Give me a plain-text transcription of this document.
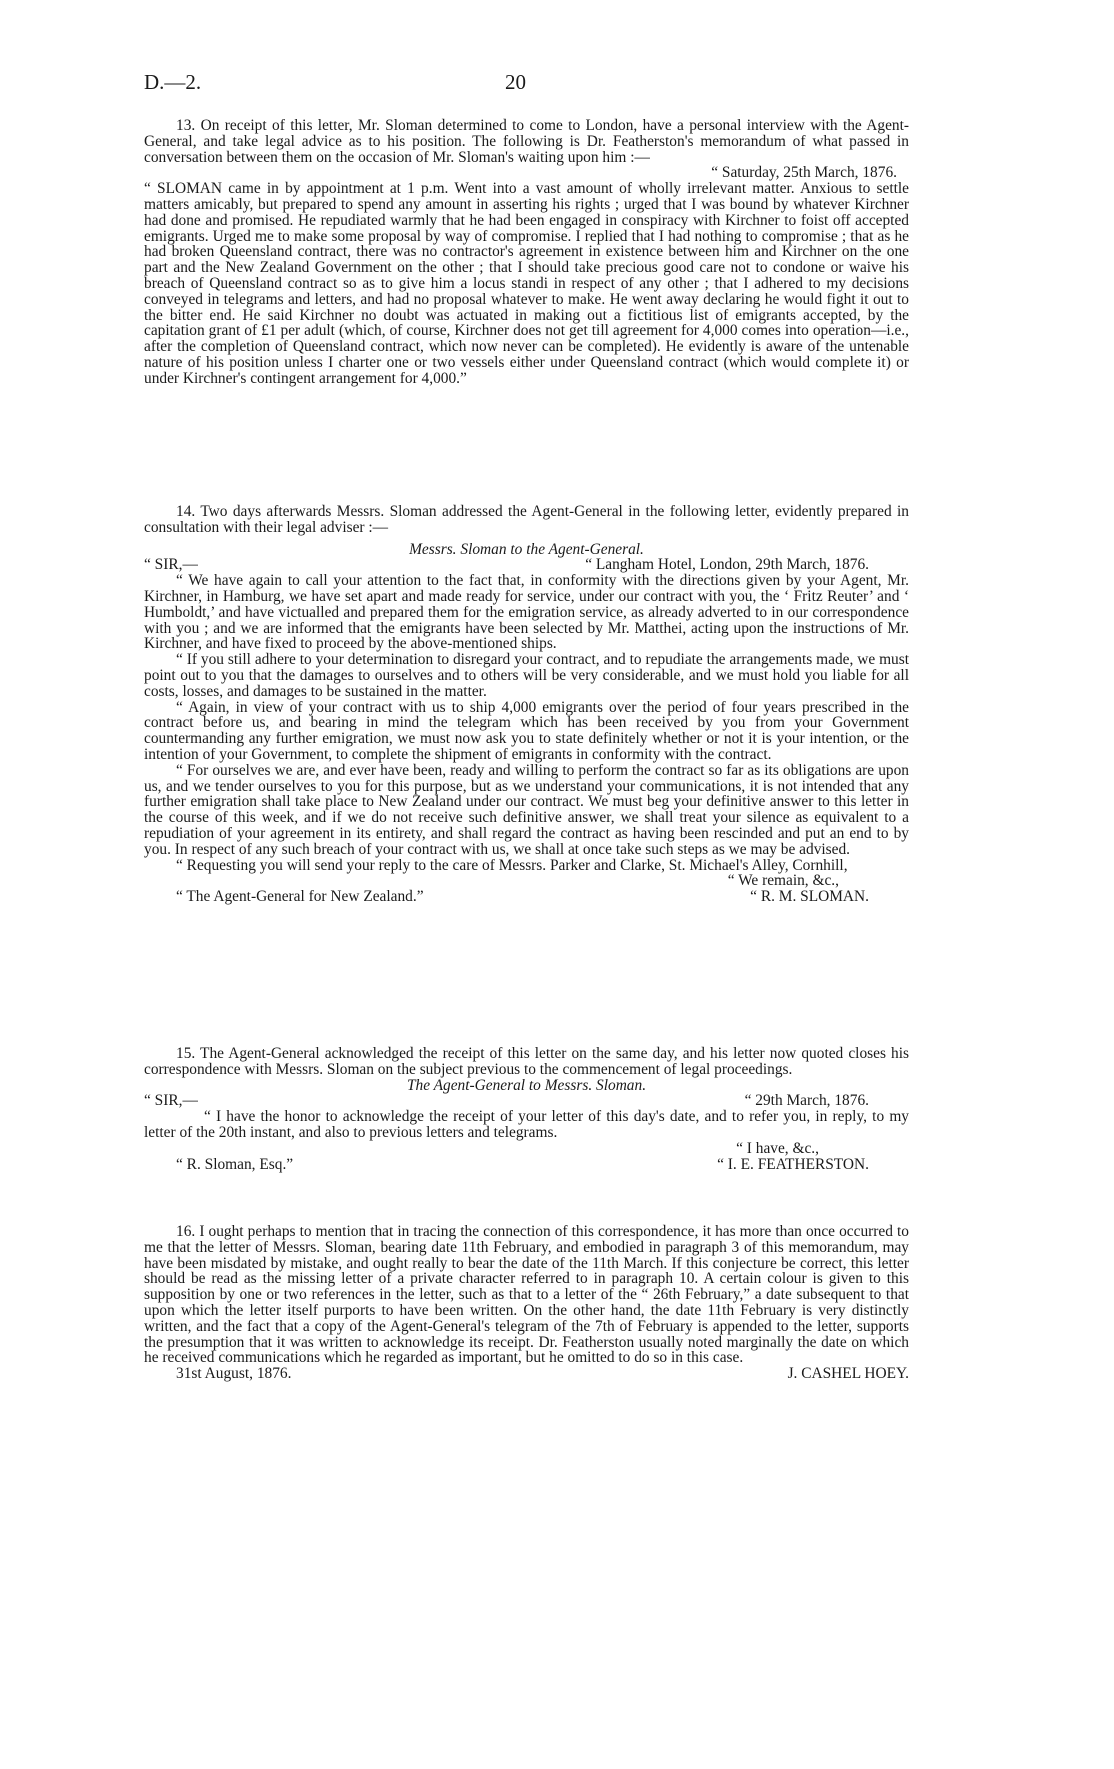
D.—2.	20

13. On receipt of this letter, Mr. Sloman determined to come to London, have a personal interview with the Agent-General, and take legal advice as to his position. The following is Dr. Featherston's memorandum of what passed in conversation between them on the occasion of Mr. Sloman's waiting upon him :—

“ Saturday, 25th March, 1876.

“ SLOMAN came in by appointment at 1 p.m. Went into a vast amount of wholly irrelevant matter. Anxious to settle matters amicably, but prepared to spend any amount in asserting his rights ; urged that I was bound by whatever Kirchner had done and promised. He repudiated warmly that he had been engaged in conspiracy with Kirchner to foist off accepted emigrants. Urged me to make some proposal by way of compromise. I replied that I had nothing to compromise ; that as he had broken Queensland contract, there was no contractor's agreement in existence between him and Kirchner on the one part and the New Zealand Government on the other ; that I should take precious good care not to condone or waive his breach of Queensland contract so as to give him a locus standi in respect of any other ; that I adhered to my decisions conveyed in telegrams and letters, and had no proposal whatever to make. He went away declaring he would fight it out to the bitter end. He said Kirchner no doubt was actuated in making out a fictitious list of emigrants accepted, by the capitation grant of £1 per adult (which, of course, Kirchner does not get till agreement for 4,000 comes into operation—i.e., after the completion of Queensland contract, which now never can be completed). He evidently is aware of the untenable nature of his position unless I charter one or two vessels either under Queensland contract (which would complete it) or under Kirchner's contingent arrangement for 4,000.”

14. Two days afterwards Messrs. Sloman addressed the Agent-General in the following letter, evidently prepared in consultation with their legal adviser :—

Messrs. Sloman to the Agent-General.

“ SIR,—	“ Langham Hotel, London, 29th March, 1876.

“ We have again to call your attention to the fact that, in conformity with the directions given by your Agent, Mr. Kirchner, in Hamburg, we have set apart and made ready for service, under our contract with you, the ‘ Fritz Reuter’ and ‘ Humboldt,’ and have victualled and prepared them for the emigration service, as already adverted to in our correspondence with you ; and we are informed that the emigrants have been selected by Mr. Matthei, acting upon the instructions of Mr. Kirchner, and have fixed to proceed by the above-mentioned ships.

“ If you still adhere to your determination to disregard your contract, and to repudiate the arrangements made, we must point out to you that the damages to ourselves and to others will be very considerable, and we must hold you liable for all costs, losses, and damages to be sustained in the matter.

“ Again, in view of your contract with us to ship 4,000 emigrants over the period of four years prescribed in the contract before us, and bearing in mind the telegram which has been received by you from your Government countermanding any further emigration, we must now ask you to state definitely whether or not it is your intention, or the intention of your Government, to complete the shipment of emigrants in conformity with the contract.

“ For ourselves we are, and ever have been, ready and willing to perform the contract so far as its obligations are upon us, and we tender ourselves to you for this purpose, but as we understand your communications, it is not intended that any further emigration shall take place to New Zealand under our contract. We must beg your definitive answer to this letter in the course of this week, and if we do not receive such definitive answer, we shall treat your silence as equivalent to a repudiation of your agreement in its entirety, and shall regard the contract as having been rescinded and put an end to by you. In respect of any such breach of your contract with us, we shall at once take such steps as we may be advised.

“ Requesting you will send your reply to the care of Messrs. Parker and Clarke, St. Michael's Alley, Cornhill,

“ We remain, &c.,

“ The Agent-General for New Zealand.”	“ R. M. SLOMAN.

15. The Agent-General acknowledged the receipt of this letter on the same day, and his letter now quoted closes his correspondence with Messrs. Sloman on the subject previous to the commencement of legal proceedings.

The Agent-General to Messrs. Sloman.

“ SIR,—	“ 29th March, 1876.

“ I have the honor to acknowledge the receipt of your letter of this day's date, and to refer you, in reply, to my letter of the 20th instant, and also to previous letters and telegrams.

“ I have, &c.,

“ R. Sloman, Esq.”	“ I. E. FEATHERSTON.

16. I ought perhaps to mention that in tracing the connection of this correspondence, it has more than once occurred to me that the letter of Messrs. Sloman, bearing date 11th February, and embodied in paragraph 3 of this memorandum, may have been misdated by mistake, and ought really to bear the date of the 11th March. If this conjecture be correct, this letter should be read as the missing letter of a private character referred to in paragraph 10. A certain colour is given to this supposition by one or two references in the letter, such as that to a letter of the “ 26th February,” a date subsequent to that upon which the letter itself purports to have been written. On the other hand, the date 11th February is very distinctly written, and the fact that a copy of the Agent-General's telegram of the 7th of February is appended to the letter, supports the presumption that it was written to acknowledge its receipt. Dr. Featherston usually noted marginally the date on which he received communications which he regarded as important, but he omitted to do so in this case.

31st August, 1876.	J. CASHEL HOEY.
